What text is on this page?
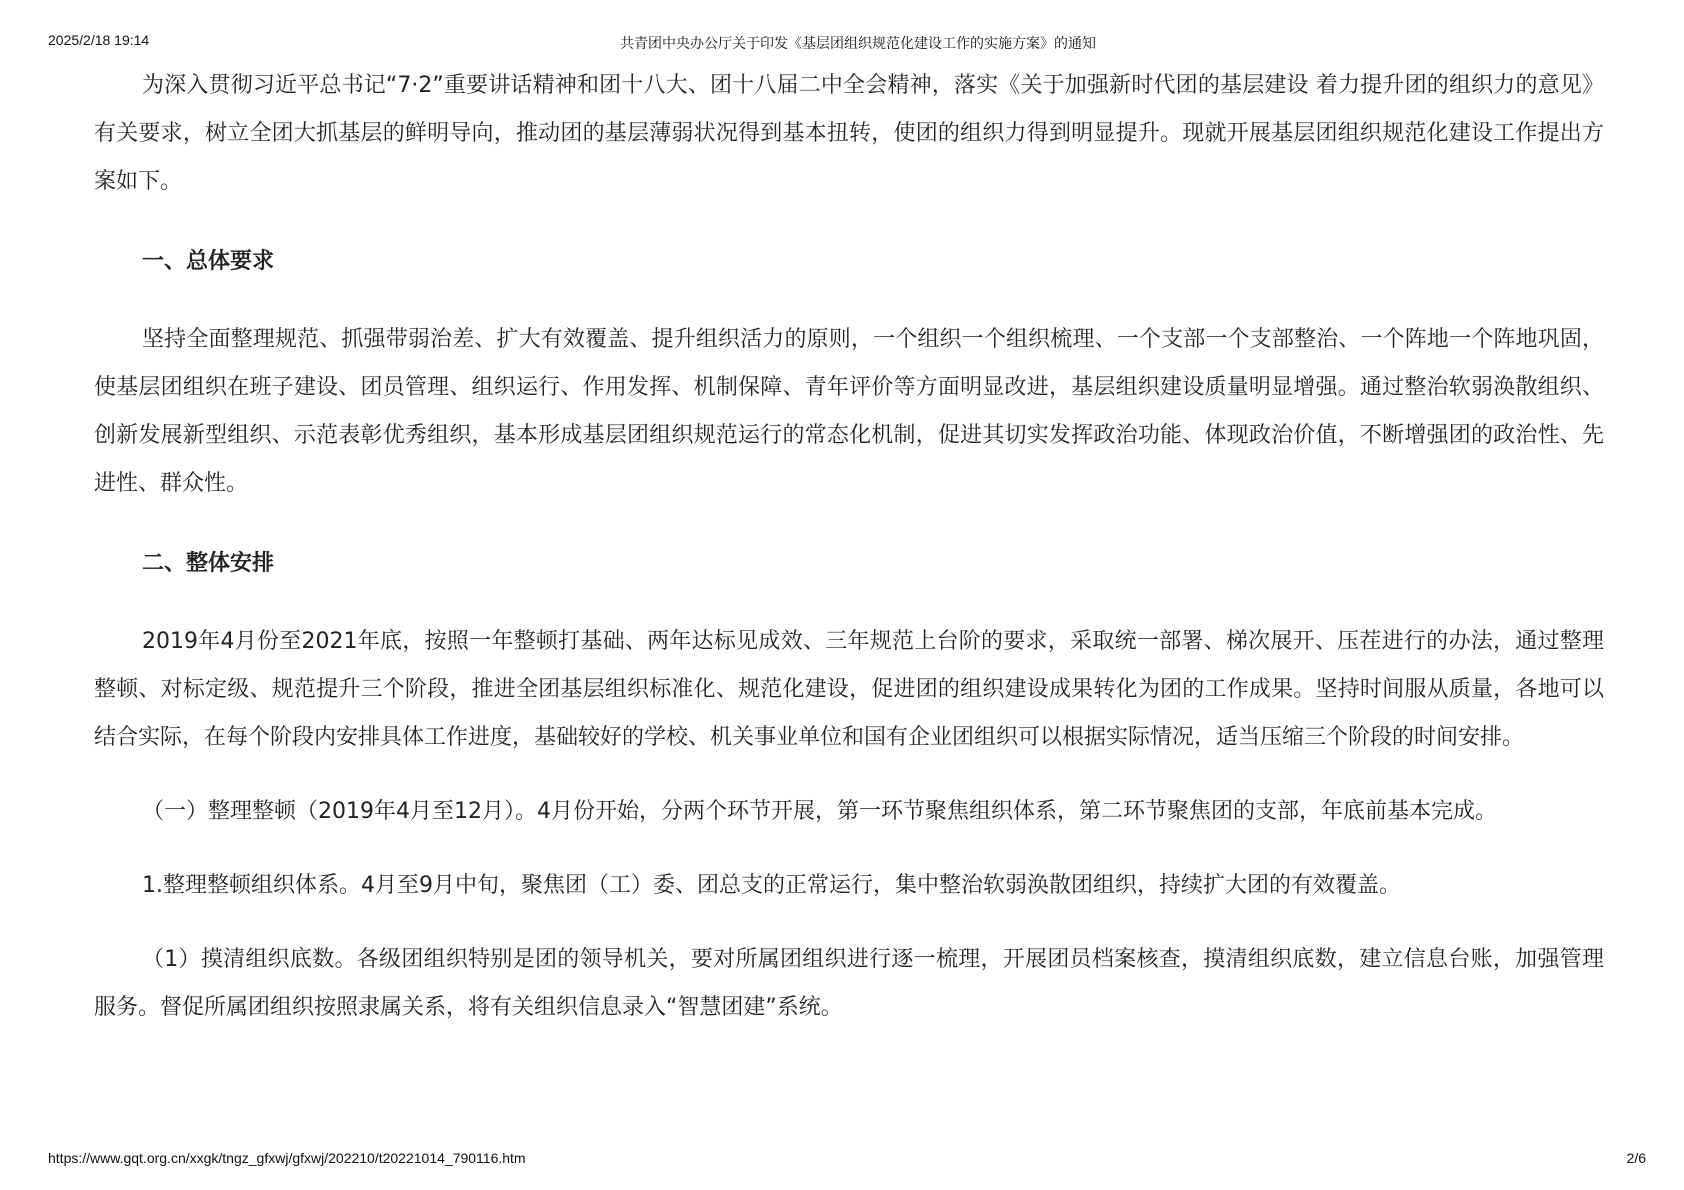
2025/2/18 19:14	共青团中央办公厅关于印发《基层团组织规范化建设工作的实施方案》的通知

为深入贯彻习近平总书记“7·2”重要讲话精神和团十八大、团十八届二中全会精神，落实《关于加强新时代团的基层建设 着力提升团的组织力的意见》有关要求，树立全团大抓基层的鲜明导向，推动团的基层薄弱状况得到基本扭转，使团的组织力得到明显提升。现就开展基层团组织规范化建设工作提出方案如下。

一、总体要求

坚持全面整理规范、抓强带弱治差、扩大有效覆盖、提升组织活力的原则，一个组织一个组织梳理、一个支部一个支部整治、一个阵地一个阵地巩固，使基层团组织在班子建设、团员管理、组织运行、作用发挥、机制保障、青年评价等方面明显改进，基层组织建设质量明显增强。通过整治软弱涣散组织、创新发展新型组织、示范表彰优秀组织，基本形成基层团组织规范运行的常态化机制，促进其切实发挥政治功能、体现政治价值，不断增强团的政治性、先进性、群众性。

二、整体安排

2019年4月份至2021年底，按照一年整顿打基础、两年达标见成效、三年规范上台阶的要求，采取统一部署、梯次展开、压茬进行的办法，通过整理整顿、对标定级、规范提升三个阶段，推进全团基层组织标准化、规范化建设，促进团的组织建设成果转化为团的工作成果。坚持时间服从质量，各地可以结合实际，在每个阶段内安排具体工作进度，基础较好的学校、机关事业单位和国有企业团组织可以根据实际情况，适当压缩三个阶段的时间安排。

（一）整理整顿（2019年4月至12月）。4月份开始，分两个环节开展，第一环节聚焦组织体系，第二环节聚焦团的支部，年底前基本完成。

1.整理整顿组织体系。4月至9月中旬，聚焦团（工）委、团总支的正常运行，集中整治软弱涣散团组织，持续扩大团的有效覆盖。

（1）摸清组织底数。各级团组织特别是团的领导机关，要对所属团组织进行逐一梳理，开展团员档案核查，摸清组织底数，建立信息台账，加强管理服务。督促所属团组织按照隶属关系，将有关组织信息录入“智慧团建”系统。

https://www.gqt.org.cn/xxgk/tngz_gfxwj/gfxwj/202210/t20221014_790116.htm	2/6
